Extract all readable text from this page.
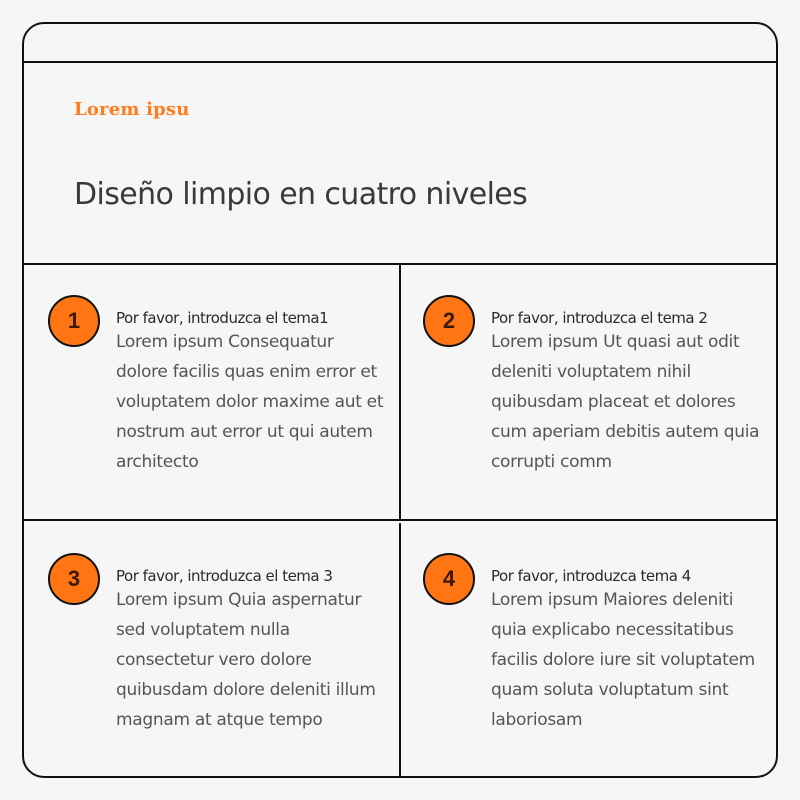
Lorem ipsu
Diseño limpio en cuatro niveles
1	Por favor, introduzca el tema1
Lorem ipsum Consequatur dolore facilis quas enim error et voluptatem dolor maxime aut et nostrum aut error ut qui autem architecto
2	Por favor, introduzca el tema 2
Lorem ipsum Ut quasi aut odit deleniti voluptatem nihil quibusdam placeat et dolores cum aperiam debitis autem quia corrupti comm
3	Por favor, introduzca el tema 3
Lorem ipsum Quia aspernatur sed voluptatem nulla consectetur vero dolore quibusdam dolore deleniti illum magnam at atque tempo
4	Por favor, introduzca tema 4
Lorem ipsum Maiores deleniti quia explicabo necessitatibus facilis dolore iure sit voluptatem quam soluta voluptatum sint laboriosam
